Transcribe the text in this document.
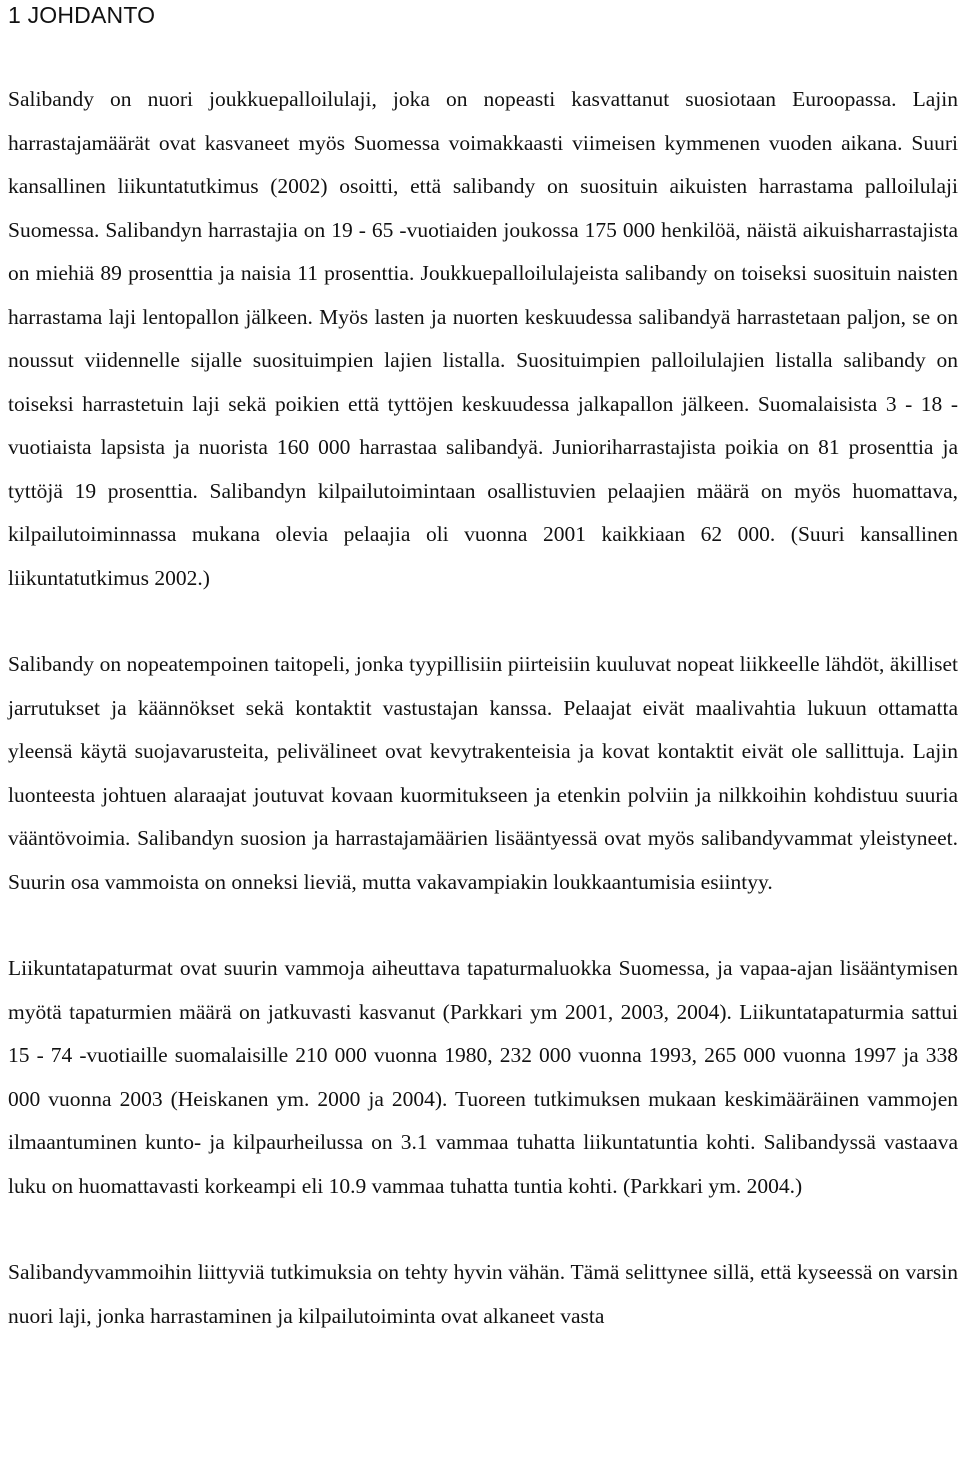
1 JOHDANTO

Salibandy on nuori joukkuepalloilulaji, joka on nopeasti kasvattanut suosiotaan Euroopassa. Lajin harrastajamäärät ovat kasvaneet myös Suomessa voimakkaasti viimeisen kymmenen vuoden aikana. Suuri kansallinen liikuntatutkimus (2002) osoitti, että salibandy on suosituin aikuisten harrastama palloilulaji Suomessa. Salibandyn harrastajia on 19 - 65 -vuotiaiden joukossa 175 000 henkilöä, näistä aikuisharrastajista on miehiä 89 prosenttia ja naisia 11 prosenttia. Joukkuepalloilulajeista salibandy on toiseksi suosituin naisten harrastama laji lentopallon jälkeen. Myös lasten ja nuorten keskuudessa salibandyä harrastetaan paljon, se on noussut viidennelle sijalle suosituimpien lajien listalla. Suosituimpien palloilulajien listalla salibandy on toiseksi harrastetuin laji sekä poikien että tyttöjen keskuudessa jalkapallon jälkeen. Suomalaisista 3 - 18 -vuotiaista lapsista ja nuorista 160 000 harrastaa salibandyä. Junioriharrastajista poikia on 81 prosenttia ja tyttöjä 19 prosenttia. Salibandyn kilpailutoimintaan osallistuvien pelaajien määrä on myös huomattava, kilpailutoiminnassa mukana olevia pelaajia oli vuonna 2001 kaikkiaan 62 000. (Suuri kansallinen liikuntatutkimus 2002.)

Salibandy on nopeatempoinen taitopeli, jonka tyypillisiin piirteisiin kuuluvat nopeat liikkeelle lähdöt, äkilliset jarrutukset ja käännökset sekä kontaktit vastustajan kanssa. Pelaajat eivät maalivahtia lukuun ottamatta yleensä käytä suojavarusteita, pelivälineet ovat kevytrakenteisia ja kovat kontaktit eivät ole sallittuja. Lajin luonteesta johtuen alaraajat joutuvat kovaan kuormitukseen ja etenkin polviin ja nilkkoihin kohdistuu suuria vääntövoimia. Salibandyn suosion ja harrastajamäärien lisääntyessä ovat myös salibandyvammat yleistyneet. Suurin osa vammoista on onneksi lieviä, mutta vakavampiakin loukkaantumisia esiintyy.

Liikuntatapaturmat ovat suurin vammoja aiheuttava tapaturmaluokka Suomessa, ja vapaa-ajan lisääntymisen myötä tapaturmien määrä on jatkuvasti kasvanut (Parkkari ym 2001, 2003, 2004). Liikuntatapaturmia sattui 15 - 74 -vuotiaille suomalaisille 210 000 vuonna 1980, 232 000 vuonna 1993, 265 000 vuonna 1997 ja 338 000 vuonna 2003 (Heiskanen ym. 2000 ja 2004). Tuoreen tutkimuksen mukaan keskimääräinen vammojen ilmaantuminen kunto- ja kilpaurheilussa on 3.1 vammaa tuhatta liikuntatuntia kohti. Salibandyssä vastaava luku on huomattavasti korkeampi eli 10.9 vammaa tuhatta tuntia kohti. (Parkkari ym. 2004.)

Salibandyvammoihin liittyviä tutkimuksia on tehty hyvin vähän. Tämä selittynee sillä, että kyseessä on varsin nuori laji, jonka harrastaminen ja kilpailutoiminta ovat alkaneet vasta
